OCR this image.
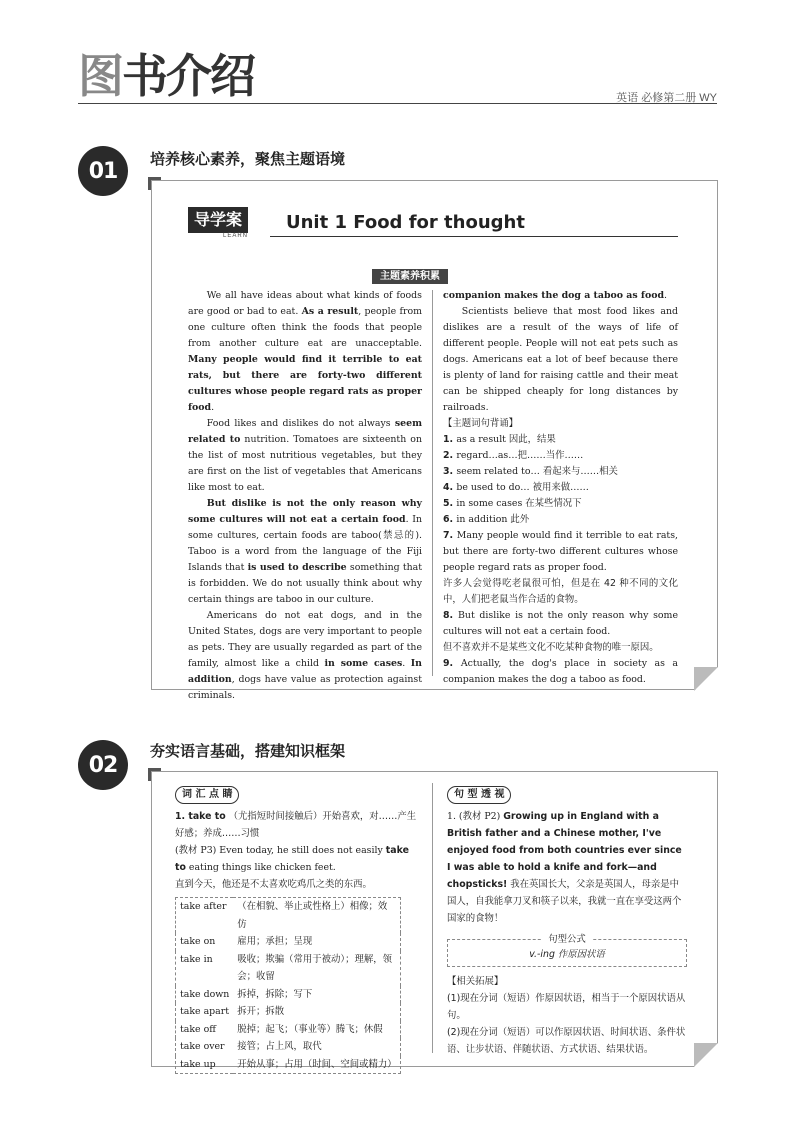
图书介绍	英语 必修第二册 WY
01	培养核心素养，聚焦主题语境
导学案
LEARN
Unit 1 Food for thought
主题素养积累

We all have ideas about what kinds of foods are good or bad to eat. As a result, people from one culture often think the foods that people from another culture eat are unacceptable. Many people would find it terrible to eat rats, but there are forty-two different cultures whose people regard rats as proper food.

Food likes and dislikes do not always seem related to nutrition. Tomatoes are sixteenth on the list of most nutritious vegetables, but they are first on the list of vegetables that Americans like most to eat.

But dislike is not the only reason why some cultures will not eat a certain food. In some cultures, certain foods are taboo(禁忌的). Taboo is a word from the language of the Fiji Islands that is used to describe something that is forbidden. We do not usually think about why certain things are taboo in our culture.

Americans do not eat dogs, and in the United States, dogs are very important to people as pets. They are usually regarded as part of the family, almost like a child in some cases. In addition, dogs have value as protection against criminals.

companion makes the dog a taboo as food.

Scientists believe that most food likes and dislikes are a result of the ways of life of different people. People will not eat pets such as dogs. Americans eat a lot of beef because there is plenty of land for raising cattle and their meat can be shipped cheaply for long distances by railroads.

【主题词句背诵】
1. as a result 因此，结果
2. regard…as…把……当作……
3. seem related to… 看起来与……相关
4. be used to do… 被用来做……
5. in some cases 在某些情况下
6. in addition 此外
7. Many people would find it terrible to eat rats, but there are forty-two different cultures whose people regard rats as proper food.
许多人会觉得吃老鼠很可怕，但是在 42 种不同的文化中，人们把老鼠当作合适的食物。
8. But dislike is not the only reason why some cultures will not eat a certain food.
但不喜欢并不是某些文化不吃某种食物的唯一原因。
9. Actually, the dog's place in society as a companion makes the dog a taboo as food.
02
夯实语言基础，搭建知识框架
词 汇 点 睛
1. take to （尤指短时间接触后）开始喜欢，对……产生好感；养成……习惯
(教材 P3) Even today, he still does not easily take to eating things like chicken feet.
直到今天，他还是不太喜欢吃鸡爪之类的东西。
take after	（在相貌、举止或性格上）相像；效仿
take on	雇用；承担；呈现
take in	吸收；欺骗（常用于被动）；理解，领会；收留
take down	拆掉，拆除；写下
take apart	拆开；拆散
take off	脱掉；起飞；（事业等）腾飞；休假
take over	接管；占上风，取代
take up	开始从事；占用（时间、空间或精力）
句 型 透 视
1. (教材 P2) Growing up in England with a British father and a Chinese mother, I've enjoyed food from both countries ever since I was able to hold a knife and fork—and chopsticks! 我在英国长大，父亲是英国人，母亲是中国人，自我能拿刀叉和筷子以来，我就一直在享受这两个国家的食物！
句型公式
v.-ing 作原因状语
【相关拓展】
(1)现在分词（短语）作原因状语，相当于一个原因状语从句。
(2)现在分词（短语）可以作原因状语、时间状语、条件状语、让步状语、伴随状语、方式状语、结果状语。
